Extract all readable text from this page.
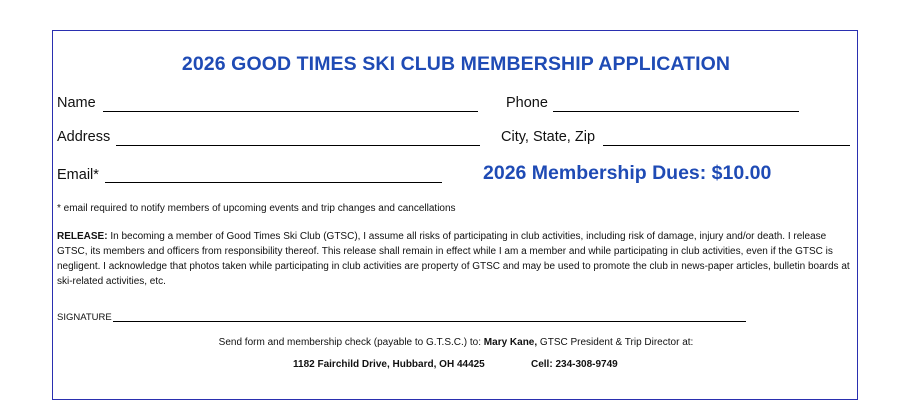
2026 GOOD TIMES SKI CLUB MEMBERSHIP APPLICATION
Name	Phone
Address	City, State, Zip
Email*	2026 Membership Dues: $10.00
* email required to notify members of upcoming events and trip changes and cancellations
RELEASE: In becoming a member of Good Times Ski Club (GTSC), I assume all risks of participating in club activities, including risk of damage, injury and/or death. I release GTSC, its members and officers from responsibility thereof. This release shall remain in effect while I am a member and while participating in club activities, even if the GTSC is negligent. I acknowledge that photos taken while participating in club activities are property of GTSC and may be used to promote the club in news-paper articles, bulletin boards at ski-related activities, etc.
SIGNATURE
Send form and membership check (payable to G.T.S.C.) to: Mary Kane, GTSC President & Trip Director at:
1182 Fairchild Drive, Hubbard, OH 44425	Cell: 234-308-9749
